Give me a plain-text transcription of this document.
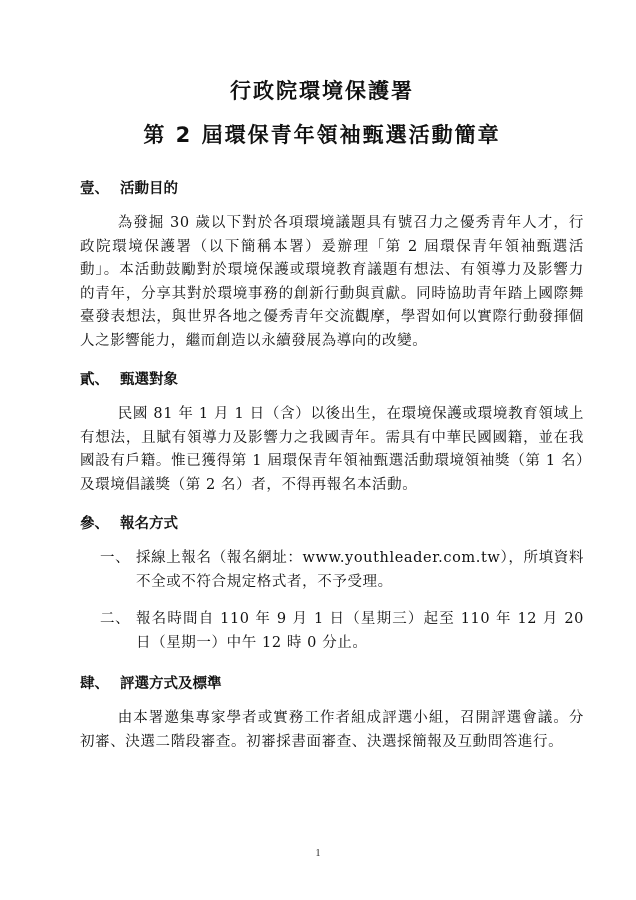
行政院環境保護署
第 2 屆環保青年領袖甄選活動簡章
壹、 活動目的

為發掘 30 歲以下對於各項環境議題具有號召力之優秀青年人才，行政院環境保護署（以下簡稱本署）爰辦理「第 2 屆環保青年領袖甄選活動」。本活動鼓勵對於環境保護或環境教育議題有想法、有領導力及影響力的青年，分享其對於環境事務的創新行動與貢獻。同時協助青年踏上國際舞臺發表想法，與世界各地之優秀青年交流觀摩，學習如何以實際行動發揮個人之影響能力，繼而創造以永續發展為導向的改變。

貳、 甄選對象

民國 81 年 1 月 1 日（含）以後出生，在環境保護或環境教育領域上有想法，且賦有領導力及影響力之我國青年。需具有中華民國國籍，並在我國設有戶籍。惟已獲得第 1 屆環保青年領袖甄選活動環境領袖獎（第 1 名）及環境倡議獎（第 2 名）者，不得再報名本活動。

參、 報名方式
一、 採線上報名（報名網址：www.youthleader.com.tw），所填資料不全或不符合規定格式者，不予受理。
二、 報名時間自 110 年 9 月 1 日（星期三）起至 110 年 12 月 20 日（星期一）中午 12 時 0 分止。
肆、 評選方式及標準

由本署邀集專家學者或實務工作者組成評選小組，召開評選會議。分初審、決選二階段審查。初審採書面審查、決選採簡報及互動問答進行。

1
